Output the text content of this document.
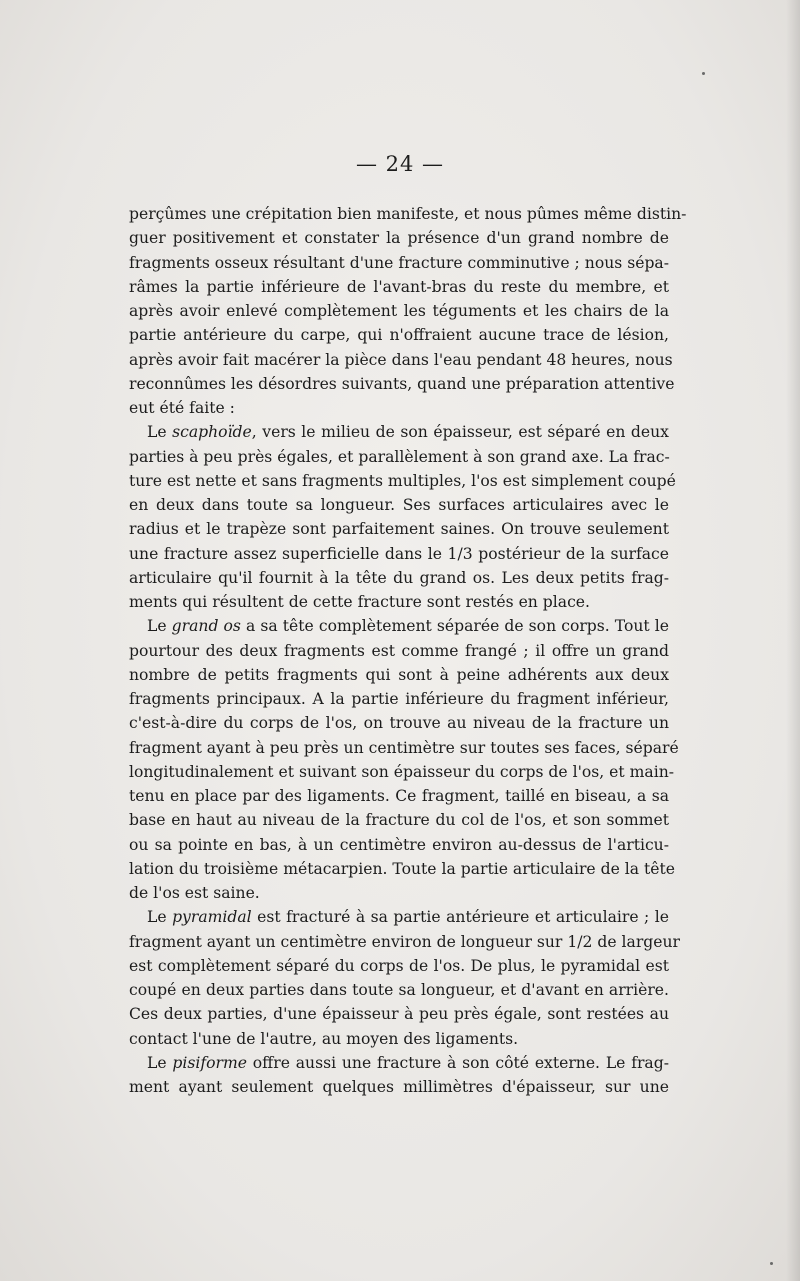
— 24 —
perçûmes une crépitation bien manifeste, et nous pûmes même distin-
guer positivement et constater la présence d'un grand nombre de
fragments osseux résultant d'une fracture comminutive ; nous sépa-
râmes la partie inférieure de l'avant-bras du reste du membre, et
après avoir enlevé complètement les téguments et les chairs de la
partie antérieure du carpe, qui n'offraient aucune trace de lésion,
après avoir fait macérer la pièce dans l'eau pendant 48 heures, nous
reconnûmes les désordres suivants, quand une préparation attentive
eut été faite :
Le scaphoïde, vers le milieu de son épaisseur, est séparé en deux
parties à peu près égales, et parallèlement à son grand axe. La frac-
ture est nette et sans fragments multiples, l'os est simplement coupé
en deux dans toute sa longueur. Ses surfaces articulaires avec le
radius et le trapèze sont parfaitement saines. On trouve seulement
une fracture assez superficielle dans le 1/3 postérieur de la surface
articulaire qu'il fournit à la tête du grand os. Les deux petits frag-
ments qui résultent de cette fracture sont restés en place.
Le grand os a sa tête complètement séparée de son corps. Tout le
pourtour des deux fragments est comme frangé ; il offre un grand
nombre de petits fragments qui sont à peine adhérents aux deux
fragments principaux. A la partie inférieure du fragment inférieur,
c'est-à-dire du corps de l'os, on trouve au niveau de la fracture un
fragment ayant à peu près un centimètre sur toutes ses faces, séparé
longitudinalement et suivant son épaisseur du corps de l'os, et main-
tenu en place par des ligaments. Ce fragment, taillé en biseau, a sa
base en haut au niveau de la fracture du col de l'os, et son sommet
ou sa pointe en bas, à un centimètre environ au-dessus de l'articu-
lation du troisième métacarpien. Toute la partie articulaire de la tête
de l'os est saine.
Le pyramidal est fracturé à sa partie antérieure et articulaire ; le
fragment ayant un centimètre environ de longueur sur 1/2 de largeur
est complètement séparé du corps de l'os. De plus, le pyramidal est
coupé en deux parties dans toute sa longueur, et d'avant en arrière.
Ces deux parties, d'une épaisseur à peu près égale, sont restées au
contact l'une de l'autre, au moyen des ligaments.
Le pisiforme offre aussi une fracture à son côté externe. Le frag-
ment ayant seulement quelques millimètres d'épaisseur, sur une
